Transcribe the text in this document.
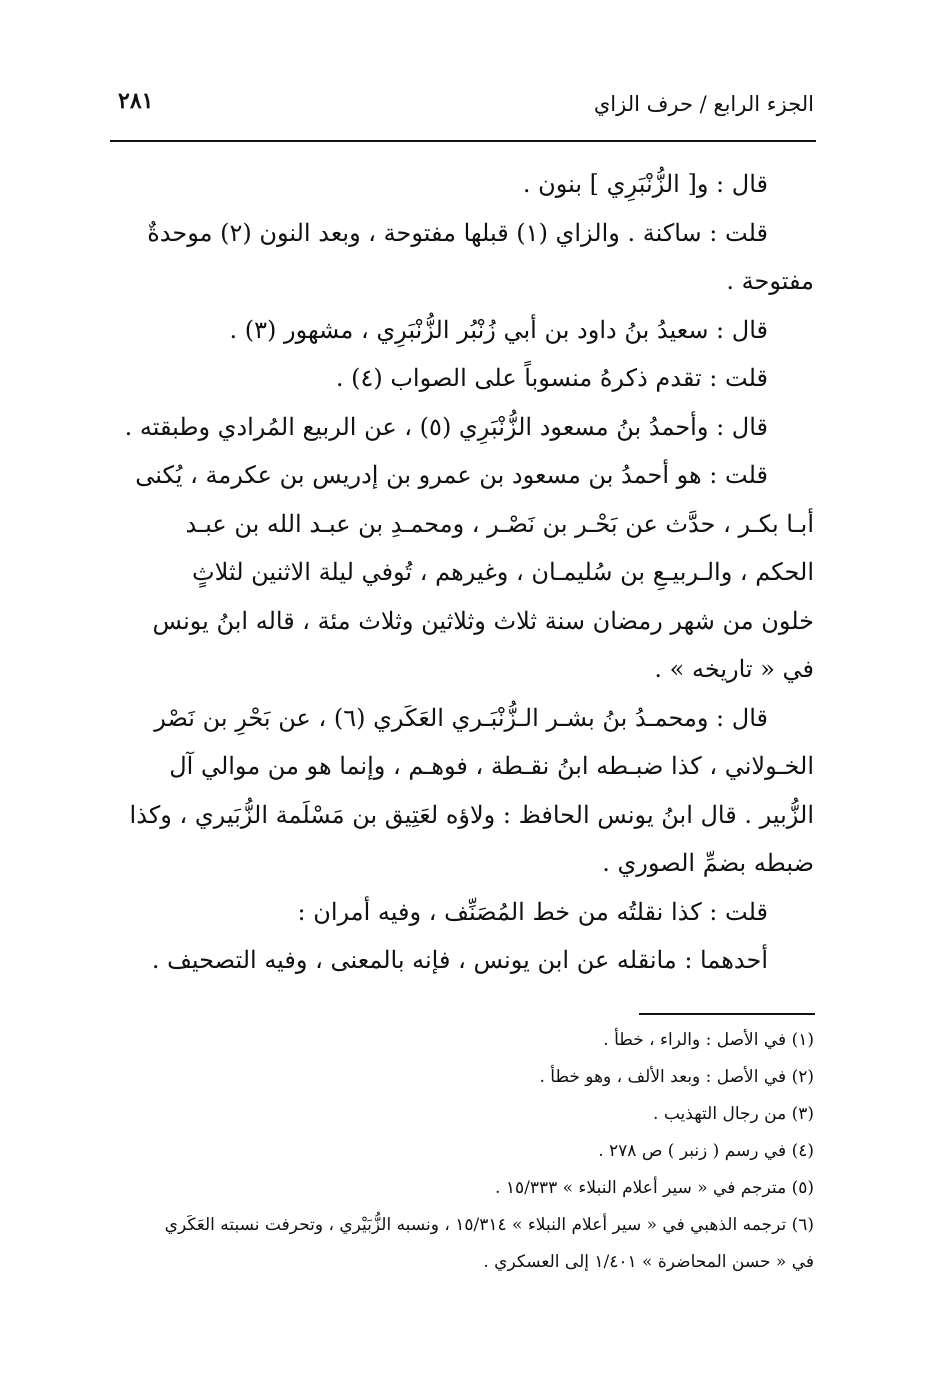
الجزء الرابع / حرف الزاي
٢٨١

قال : و[ الزُّنْبَرِي ] بنون .

قلت : ساكنة . والزاي (١) قبلها مفتوحة ، وبعد النون (٢) موحدةٌ

مفتوحة .

قال : سعيدُ بنُ داود بن أبي زُنْبُر الزُّنْبَرِي ، مشهور (٣) .

قلت : تقدم ذكرهُ منسوباً على الصواب (٤) .

قال : وأحمدُ بنُ مسعود الزُّنْبَرِي (٥) ، عن الربيع المُرادي وطبقته .

قلت : هو أحمدُ بن مسعود بن عمرو بن إدريس بن عكرمة ، يُكنى

أبـا بكـر ، حدَّث عن بَحْـر بن نَصْـر ، ومحمـدِ بن عبـد الله بن عبـد

الحكم ، والـربيـعِ بن سُليمـان ، وغيرهم ، تُوفي ليلة الاثنين لثلاثٍ

خلون من شهر رمضان سنة ثلاث وثلاثين وثلاث مئة ، قاله ابنُ يونس

في « تاريخه » .

قال : ومحمـدُ بنُ بشـر الـزُّنْبَـري العَكَري (٦) ، عن بَحْرِ بن نَصْر

الخـولاني ، كذا ضبـطه ابنُ نقـطة ، فوهـم ، وإنما هو من موالي آل

الزُّبير . قال ابنُ يونس الحافظ : ولاؤه لعَتِيق بن مَسْلَمة الزُّبَيري ، وكذا

ضبطه بضمِّ الصوري .

قلت : كذا نقلتُه من خط المُصَنِّف ، وفيه أمران :

أحدهما : مانقله عن ابن يونس ، فإنه بالمعنى ، وفيه التصحيف .

(١) في الأصل : والراء ، خطأ .

(٢) في الأصل : وبعد الألف ، وهو خطأ .

(٣) من رجال التهذيب .

(٤) في رسم ( زنبر ) ص ٢٧٨ .

(٥) مترجم في « سير أعلام النبلاء » ١٥/٣٣٣ .

(٦) ترجمه الذهبي في « سير أعلام النبلاء » ١٥/٣١٤ ، ونسبه الزُّبَيْري ، وتحرفت نسبته العَكَري

في « حسن المحاضرة » ١/٤٠١ إلى العسكري .
